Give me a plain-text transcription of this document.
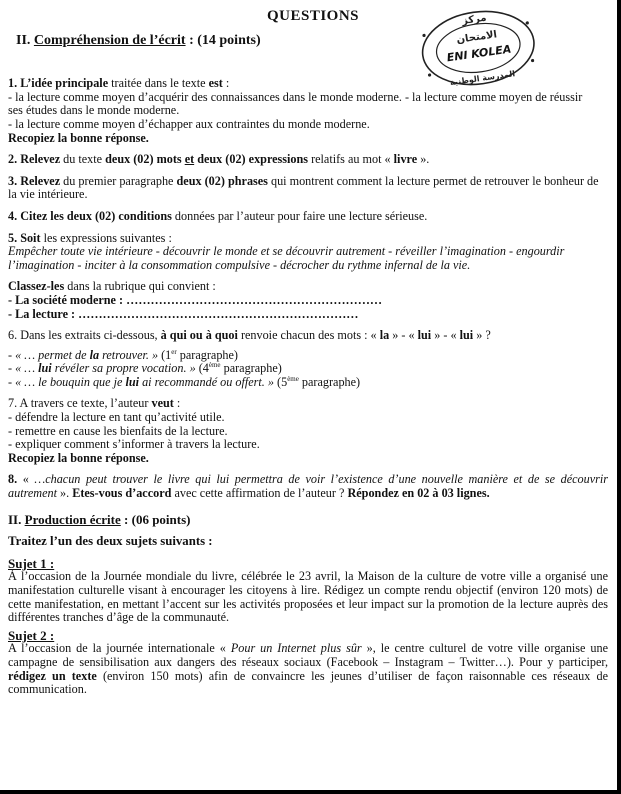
مركز
الامتحان
ENI KOLEA
المدرسة الوطنية
QUESTIONS
II. Compréhension de l’écrit : (14 points)

1. L’idée principale traitée dans le texte est :

- la lecture comme moyen d’acquérir des connaissances dans le monde moderne. - la lecture comme moyen de réussir ses études dans le monde moderne.

- la lecture comme moyen d’échapper aux contraintes du monde moderne.

Recopiez la bonne réponse.

2. Relevez du texte deux (02) mots et deux (02) expressions relatifs au mot « livre ».

3. Relevez du premier paragraphe deux (02) phrases qui montrent comment la lecture permet de retrouver le bonheur de la vie intérieure.

4. Citez les deux (02) conditions données par l’auteur pour faire une lecture sérieuse.

5. Soit les expressions suivantes :

Empêcher toute vie intérieure - découvrir le monde et se découvrir autrement - réveiller l’imagination - engourdir l’imagination - inciter à la consommation compulsive - décrocher du rythme infernal de la vie.

Classez-les dans la rubrique qui convient :

- La société moderne : ………………………………………………………

- La lecture : ……………………………………………………………

6. Dans les extraits ci-dessous, à qui ou à quoi renvoie chacun des mots : « la » - « lui » - « lui » ?

- « … permet de la retrouver. » (1er paragraphe)

- « … lui révéler sa propre vocation. » (4ème paragraphe)

- « … le bouquin que je lui ai recommandé ou offert. » (5ème paragraphe)

7. A travers ce texte, l’auteur veut :

- défendre la lecture en tant qu’activité utile.

- remettre en cause les bienfaits de la lecture.

- expliquer comment s’informer à travers la lecture.

Recopiez la bonne réponse.

8. « …chacun peut trouver le livre qui lui permettra de voir l’existence d’une nouvelle manière et de se découvrir autrement ». Etes-vous d’accord avec cette affirmation de l’auteur ? Répondez en 02 à 03 lignes.

II. Production écrite : (06 points)

Traitez l’un des deux sujets suivants :

Sujet 1 :

À l’occasion de la Journée mondiale du livre, célébrée le 23 avril, la Maison de la culture de votre ville a organisé une manifestation culturelle visant à encourager les citoyens à lire. Rédigez un compte rendu objectif (environ 120 mots) de cette manifestation, en mettant l’accent sur les activités proposées et leur impact sur la promotion de la lecture auprès des différentes tranches d’âge de la communauté.

Sujet 2 :

A l’occasion de la journée internationale « Pour un Internet plus sûr », le centre culturel de votre ville organise une campagne de sensibilisation aux dangers des réseaux sociaux (Facebook – Instagram – Twitter…). Pour y participer, rédigez un texte (environ 150 mots) afin de convaincre les jeunes d’utiliser de façon raisonnable ces réseaux de communication.
